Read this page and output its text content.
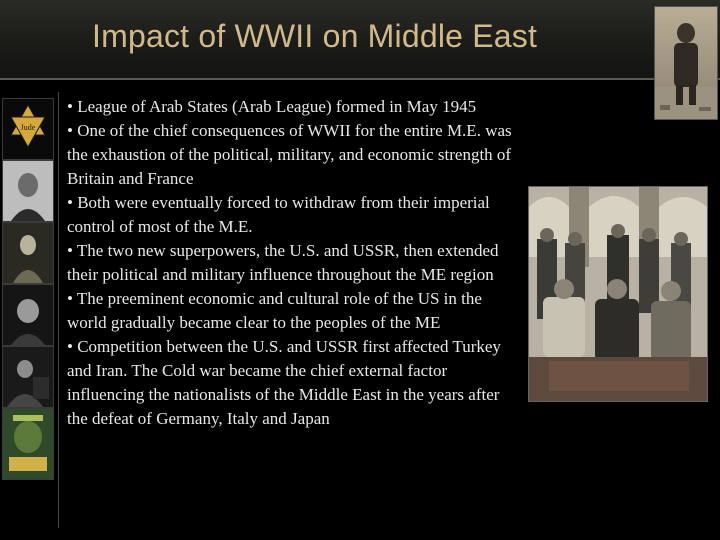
Impact of WWII on Middle East
Jude

• League of Arab States (Arab League) formed in May 1945

• One of the chief consequences of WWII for the entire M.E. was the exhaustion of the political, military, and economic strength of Britain and France

• Both were eventually forced to withdraw from their imperial control of most of the M.E.

• The two new superpowers, the U.S. and USSR, then extended their political and military influence throughout the ME region

• The preeminent economic and cultural role of the US in the world gradually became clear to the peoples of the ME

• Competition between the U.S. and USSR first affected Turkey and Iran. The Cold war became the chief external factor influencing the nationalists of the Middle East in the years after the defeat of Germany, Italy and Japan
